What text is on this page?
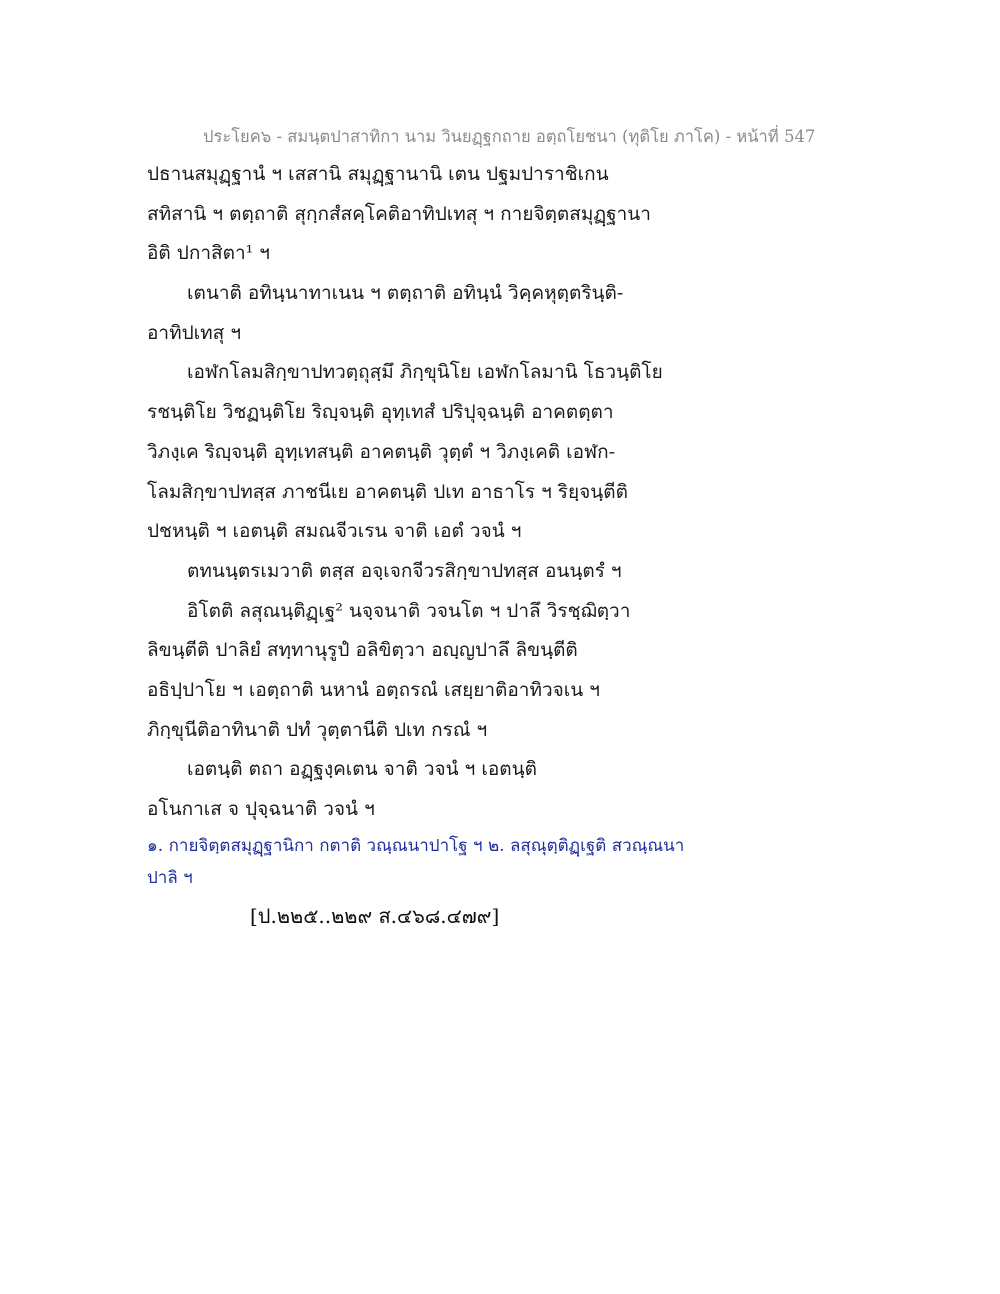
ประโยค๖ - สมนฺตปาสาทิกา นาม วินยฏฺฐกถาย อตฺถโยชนา (ทุติโย ภาโค) - หน้าที่ 547
ปธานสมุฏฺฐานํ ฯ เสสานิ สมุฏฺฐานานิ เตน ปฐมปาราชิเกน
สทิสานิ ฯ ตตฺถาติ สุกฺกสํสคฺโคติอาทิปเทสุ ฯ กายจิตฺตสมุฏฺฐานา
อิติ ปกาสิตา¹ ฯ
เตนาติ อทินฺนาทาเนน ฯ ตตฺถาติ อทินฺนํ วิคฺคหุตฺตรินฺติ-
อาทิปเทสุ ฯ
เอฬกโลมสิกฺขาปทวตฺถุสฺมึ ภิกฺขุนิโย เอฬกโลมานิ โธวนฺติโย
รชนฺติโย วิชฏนฺติโย ริญฺจนฺติ อุทฺเทสํ ปริปุจฺฉนฺติ อาคตตฺตา
วิภงฺเค ริญฺจนฺติ อุทฺเทสนฺติ อาคตนฺติ วุตฺตํ ฯ วิภงฺเคติ เอฬก-
โลมสิกฺขาปทสฺส ภาชนีเย อาคตนฺติ ปเท อาธาโร ฯ ริยฺจนฺตีติ
ปชหนฺติ ฯ เอตนฺติ สมณจีวเรน จาติ เอตํ วจนํ ฯ
ตทนนฺตรเมวาติ ตสฺส อจฺเจกจีวรสิกฺขาปทสฺส อนนฺตรํ ฯ
อิโตติ ลสุณนฺติฏฺเฐ² นจฺจนาติ วจนโต ฯ ปาลึ วิรชฺฌิตฺวา
ลิขนฺตีติ ปาลิยํ สทฺทานุรูปํ อลิขิตฺวา อญฺญปาลึ ลิขนฺตีติ
อธิปฺปาโย ฯ เอตฺถาติ นหานํ อตฺถรณํ เสยฺยาติอาทิวจเน ฯ
ภิกฺขุนีติอาทินาติ ปทํ วุตฺตานีติ ปเท กรณํ ฯ
เอตนฺติ ตถา อฏฺฐงฺคเตน จาติ วจนํ ฯ เอตนฺติ
อโนกาเส จ ปุจฺฉนาติ วจนํ ฯ
๑. กายจิตฺตสมุฏฺฐานิกา กตาติ วณฺณนาปาโฐ ฯ ๒. ลสุณุตฺติฏฺเฐติ สวณฺณนา
ปาลิ ฯ
[ป.๒๒๕..๒๒๙ ส.๔๖๘.๔๗๙]
